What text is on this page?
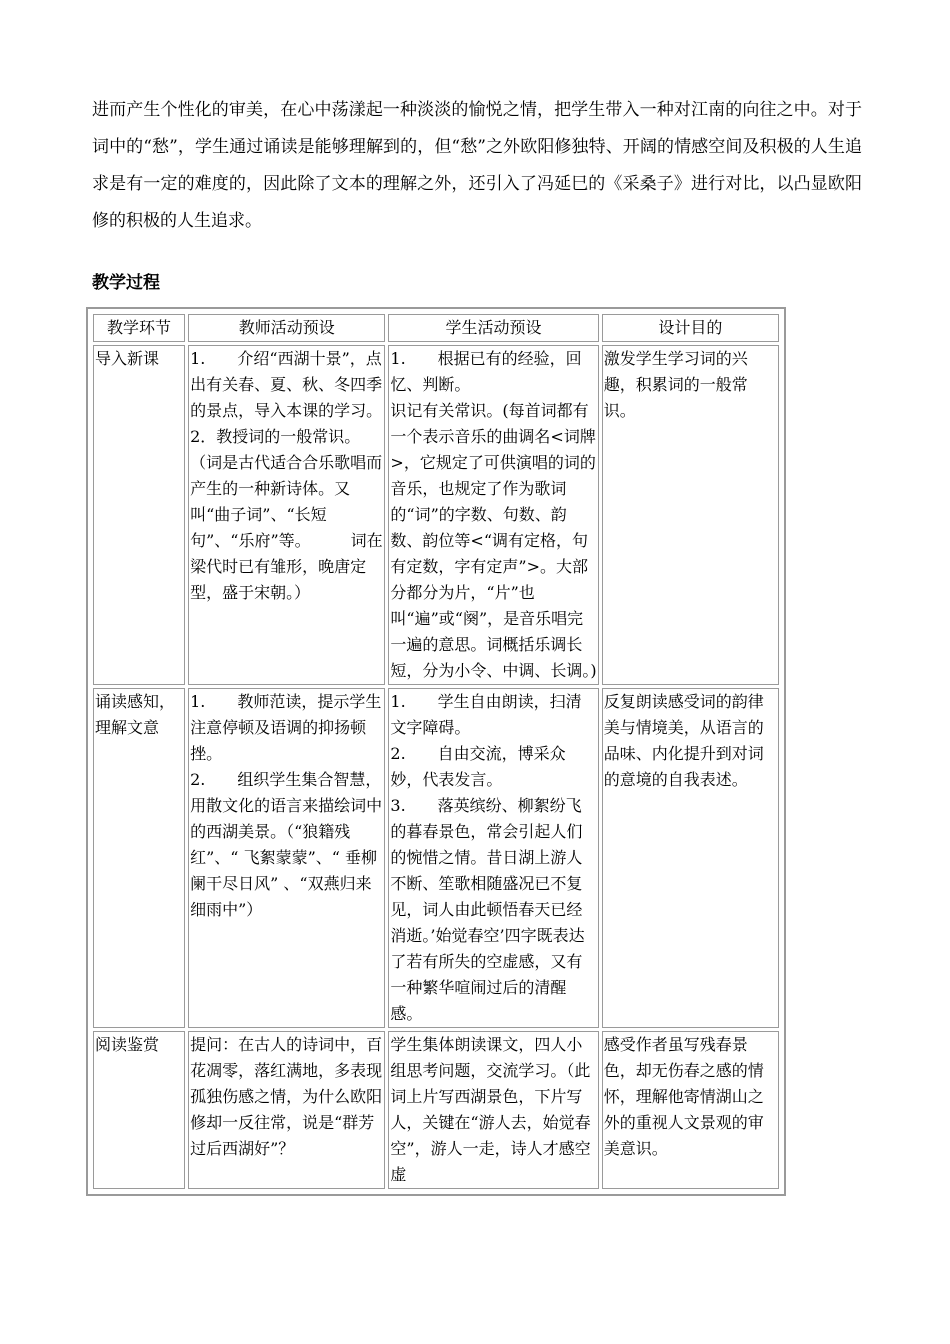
进而产生个性化的审美，在心中荡漾起一种淡淡的愉悦之情，把学生带入一种对江南的向往之中。对于词中的“愁”，学生通过诵读是能够理解到的，但“愁”之外欧阳修独特、开阔的情感空间及积极的人生追求是有一定的难度的，因此除了文本的理解之外，还引入了冯延巳的《采桑子》进行对比，以凸显欧阳修的积极的人生追求。

教学过程
教学环节	教师活动预设	学生活动预设	设计目的
导入新课	1.　　介绍“西湖十景”，点出有关春、夏、秋、冬四季的景点，导入本课的学习。
2．教授词的一般常识。（词是古代适合合乐歌唱而产生的一种新诗体。又叫“曲子词”、“长短句”、“乐府”等。　　　词在梁代时已有雏形，晚唐定型，盛于宋朝。）	1.　　根据已有的经验，回忆、判断。
识记有关常识。(每首词都有一个表示音乐的曲调名<词牌>，它规定了可供演唱的词的音乐，也规定了作为歌词的“词”的字数、句数、韵数、韵位等<“调有定格，句有定数，字有定声”>。大部分都分为片，“片”也叫“遍”或“阕”，是音乐唱完一遍的意思。词概括乐调长短，分为小令、中调、长调。)	激发学生学习词的兴趣，积累词的一般常识。
诵读感知，理解文意	1.　　教师范读，提示学生注意停顿及语调的抑扬顿挫。
2.　　组织学生集合智慧，用散文化的语言来描绘词中的西湖美景。（“狼籍残红”、“ 飞絮蒙蒙”、“ 垂柳阑干尽日风” 、“双燕归来细雨中”）	1.　　学生自由朗读，扫清文字障碍。
2.　　自由交流，博采众妙，代表发言。
3.　　落英缤纷、柳絮纷飞的暮春景色，常会引起人们的惋惜之情。昔日湖上游人不断、笙歌相随盛况已不复见，词人由此顿悟春天已经消逝。’始觉春空’四字既表达了若有所失的空虚感，又有一种繁华喧闹过后的清醒感。	反复朗读感受词的韵律美与情境美，从语言的品味、内化提升到对词的意境的自我表述。
阅读鉴赏	提问：在古人的诗词中，百花凋零，落红满地，多表现孤独伤感之情，为什么欧阳修却一反往常，说是“群芳过后西湖好”？	学生集体朗读课文，四人小组思考问题，交流学习。（此词上片写西湖景色，下片写人，关键在“游人去，始觉春空”，游人一走，诗人才感空虚	感受作者虽写残春景色，却无伤春之感的情怀，理解他寄情湖山之外的重视人文景观的审美意识。
